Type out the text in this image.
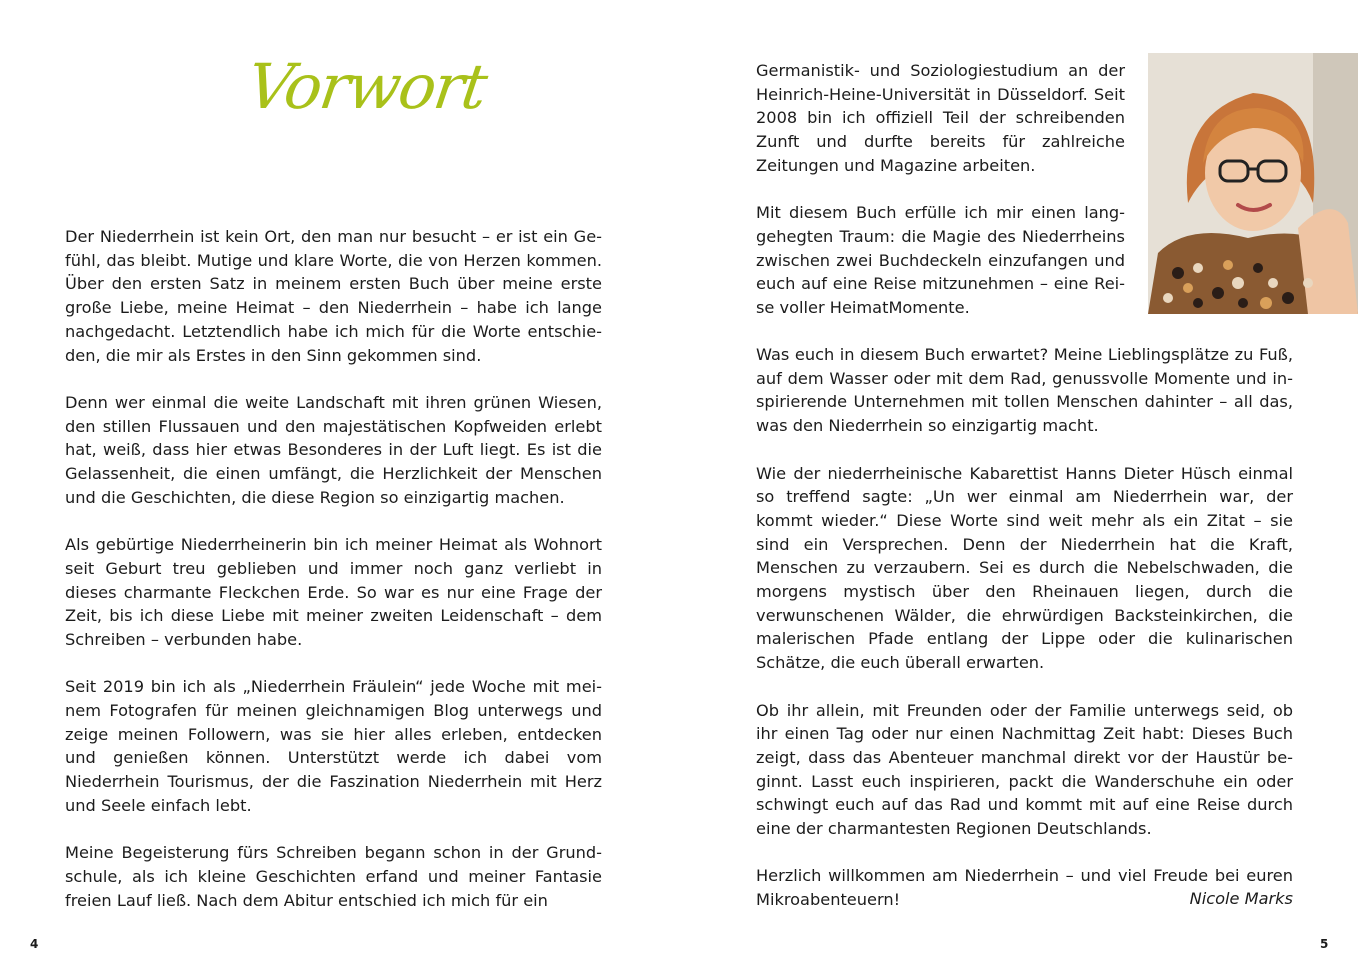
Vorwort

Der Niederrhein ist kein Ort, den man nur besucht – er ist ein Gefühl, das bleibt. Mutige und klare Worte, die von Herzen kommen. Über den ersten Satz in meinem ersten Buch über meine erste große Liebe, meine Heimat – den Niederrhein – habe ich lange nachgedacht. Letztendlich habe ich mich für die Worte entschieden, die mir als Erstes in den Sinn gekommen sind.

Denn wer einmal die weite Landschaft mit ihren grünen Wiesen, den stillen Flussauen und den majestätischen Kopfweiden erlebt hat, weiß, dass hier etwas Besonderes in der Luft liegt. Es ist die Gelassenheit, die einen umfängt, die Herzlichkeit der Menschen und die Geschichten, die diese Region so einzigartig machen.

Als gebürtige Niederrheinerin bin ich meiner Heimat als Wohnort seit Geburt treu geblieben und immer noch ganz verliebt in dieses charmante Fleckchen Erde. So war es nur eine Frage der Zeit, bis ich diese Liebe mit meiner zweiten Leidenschaft – dem Schreiben – verbunden habe.

Seit 2019 bin ich als „Niederrhein Fräulein“ jede Woche mit meinem Fotografen für meinen gleichnamigen Blog unterwegs und zeige meinen Followern, was sie hier alles erleben, entdecken und genießen können. Unterstützt werde ich dabei vom Niederrhein Tourismus, der die Faszination Niederrhein mit Herz und Seele einfach lebt.

Meine Begeisterung fürs Schreiben begann schon in der Grundschule, als ich kleine Geschichten erfand und meiner Fantasie freien Lauf ließ. Nach dem Abitur entschied ich mich für ein

Germanistik- und Soziologiestudium an der Heinrich-Heine-Universität in Düsseldorf. Seit 2008 bin ich offiziell Teil der schreibenden Zunft und durfte bereits für zahlreiche Zeitungen und Magazine arbeiten.

Mit diesem Buch erfülle ich mir einen langgehegten Traum: die Magie des Niederrheins zwischen zwei Buchdeckeln einzufangen und euch auf eine Reise mitzunehmen – eine Reise voller HeimatMomente.

Was euch in diesem Buch erwartet? Meine Lieblingsplätze zu Fuß, auf dem Wasser oder mit dem Rad, genussvolle Momente und inspirierende Unternehmen mit tollen Menschen dahinter – all das, was den Niederrhein so einzigartig macht.

Wie der niederrheinische Kabarettist Hanns Dieter Hüsch einmal so treffend sagte: „Un wer einmal am Niederrhein war, der kommt wieder.“ Diese Worte sind weit mehr als ein Zitat – sie sind ein Versprechen. Denn der Niederrhein hat die Kraft, Menschen zu verzaubern. Sei es durch die Nebelschwaden, die morgens mystisch über den Rheinauen liegen, durch die verwunschenen Wälder, die ehrwürdigen Backsteinkirchen, die malerischen Pfade entlang der Lippe oder die kulinarischen Schätze, die euch überall erwarten.

Ob ihr allein, mit Freunden oder der Familie unterwegs seid, ob ihr einen Tag oder nur einen Nachmittag Zeit habt: Dieses Buch zeigt, dass das Abenteuer manchmal direkt vor der Haustür beginnt. Lasst euch inspirieren, packt die Wanderschuhe ein oder schwingt euch auf das Rad und kommt mit auf eine Reise durch eine der charmantesten Regionen Deutschlands.

Herzlich willkommen am Niederrhein – und viel Freude bei euren Mikroabenteuern!	Nicole Marks
4	5
